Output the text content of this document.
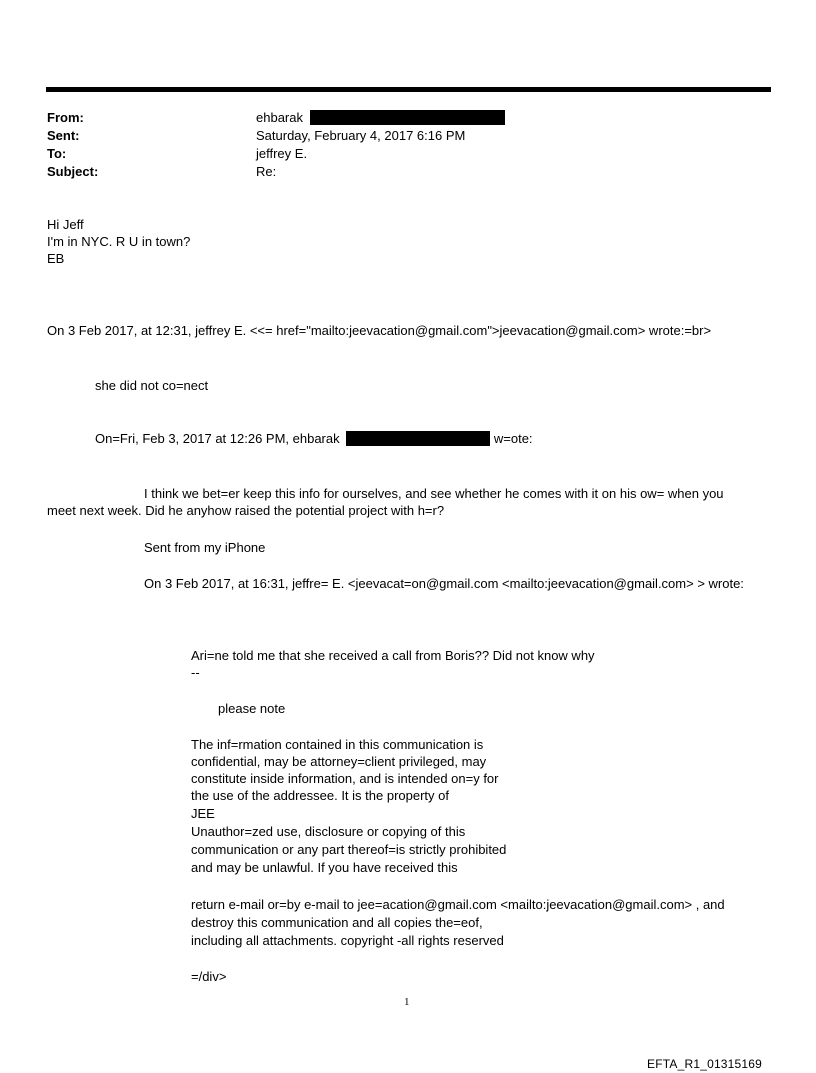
From:	ehbarak
Sent:	Saturday, February 4, 2017 6:16 PM
To:	jeffrey E.
Subject:	Re:
Hi Jeff
I'm in NYC. R U in town?
EB
On 3 Feb 2017, at 12:31, jeffrey E. <<= href="mailto:jeevacation@gmail.com">jeevacation@gmail.com> wrote:=br>
she did not co=nect
On=Fri, Feb 3, 2017 at 12:26 PM, ehbarak	w=ote:
I think we bet=er keep this info for ourselves, and see whether he comes with it on his ow= when you
meet next week. Did he anyhow raised the potential project with h=r?
Sent from my iPhone
On 3 Feb 2017, at 16:31, jeffre= E. <jeevacat=on@gmail.com <mailto:jeevacation@gmail.com> > wrote:
Ari=ne told me that she received a call from Boris?? Did not know why
--
please note
The inf=rmation contained in this communication is
confidential, may be attorney=client privileged, may
constitute inside information, and is intended on=y for
the use of the addressee. It is the property of
JEE
Unauthor=zed use, disclosure or copying of this
communication or any part thereof=is strictly prohibited
and may be unlawful. If you have received this
return e-mail or=by e-mail to jee=acation@gmail.com <mailto:jeevacation@gmail.com> , and
destroy this communication and all copies the=eof,
including all attachments. copyright -all rights reserved
=/div>
1
EFTA_R1_01315169
